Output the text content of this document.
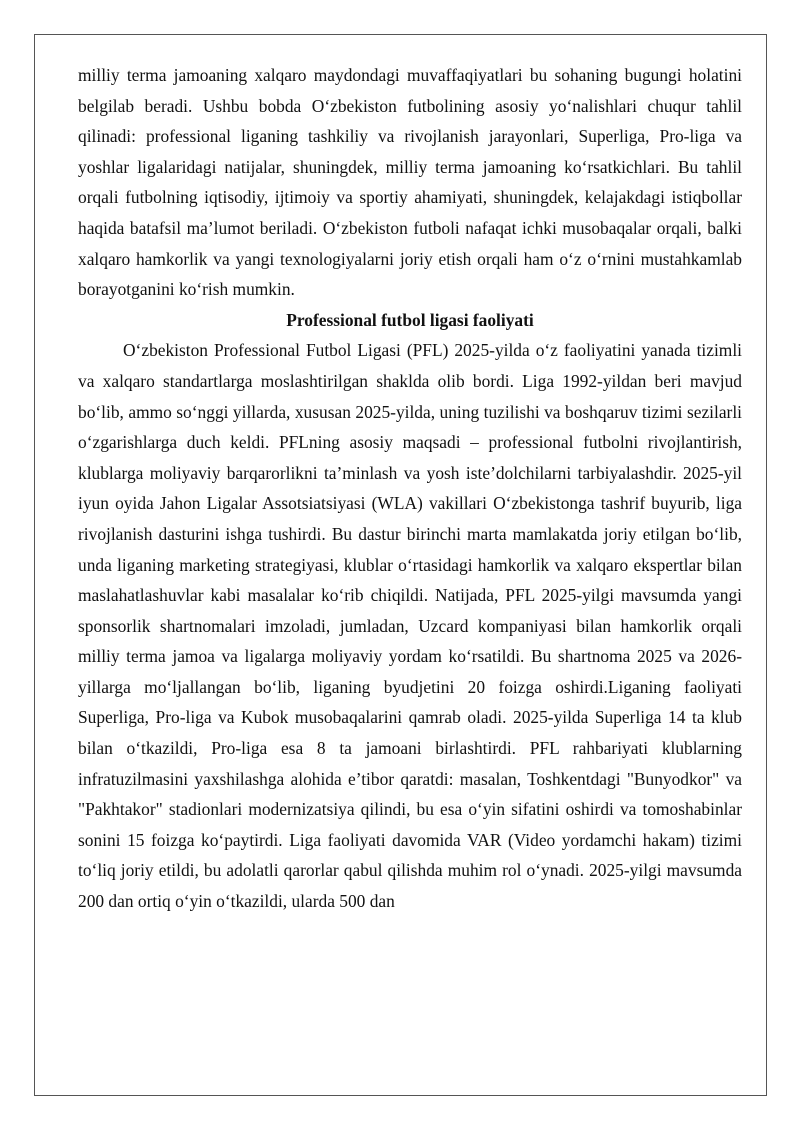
milliy terma jamoaning xalqaro maydondagi muvaffaqiyatlari bu sohaning bugungi holatini belgilab beradi. Ushbu bobda O‘zbekiston futbolining asosiy yo‘nalishlari chuqur tahlil qilinadi: professional liganing tashkiliy va rivojlanish jarayonlari, Superliga, Pro-liga va yoshlar ligalaridagi natijalar, shuningdek, milliy terma jamoaning ko‘rsatkichlari. Bu tahlil orqali futbolning iqtisodiy, ijtimoiy va sportiy ahamiyati, shuningdek, kelajakdagi istiqbollar haqida batafsil ma’lumot beriladi. O‘zbekiston futboli nafaqat ichki musobaqalar orqali, balki xalqaro hamkorlik va yangi texnologiyalarni joriy etish orqali ham o‘z o‘rnini mustahkamlab borayotganini ko‘rish mumkin.

Professional futbol ligasi faoliyati

O‘zbekiston Professional Futbol Ligasi (PFL) 2025-yilda o‘z faoliyatini yanada tizimli va xalqaro standartlarga moslashtirilgan shaklda olib bordi. Liga 1992-yildan beri mavjud bo‘lib, ammo so‘nggi yillarda, xususan 2025-yilda, uning tuzilishi va boshqaruv tizimi sezilarli o‘zgarishlarga duch keldi. PFLning asosiy maqsadi – professional futbolni rivojlantirish, klublarga moliyaviy barqarorlikni ta’minlash va yosh iste’dolchilarni tarbiyalashdir. 2025-yil iyun oyida Jahon Ligalar Assotsiatsiyasi (WLA) vakillari O‘zbekistonga tashrif buyurib, liga rivojlanish dasturini ishga tushirdi. Bu dastur birinchi marta mamlakatda joriy etilgan bo‘lib, unda liganing marketing strategiyasi, klublar o‘rtasidagi hamkorlik va xalqaro ekspertlar bilan maslahatlashuvlar kabi masalalar ko‘rib chiqildi. Natijada, PFL 2025-yilgi mavsumda yangi sponsorlik shartnomalari imzoladi, jumladan, Uzcard kompaniyasi bilan hamkorlik orqali milliy terma jamoa va ligalarga moliyaviy yordam ko‘rsatildi. Bu shartnoma 2025 va 2026-yillarga mo‘ljallangan bo‘lib, liganing byudjetini 20 foizga oshirdi.Liganing faoliyati Superliga, Pro-liga va Kubok musobaqalarini qamrab oladi. 2025-yilda Superliga 14 ta klub bilan o‘tkazildi, Pro-liga esa 8 ta jamoani birlashtirdi. PFL rahbariyati klublarning infratuzilmasini yaxshilashga alohida e’tibor qaratdi: masalan, Toshkentdagi "Bunyodkor" va "Pakhtakor" stadionlari modernizatsiya qilindi, bu esa o‘yin sifatini oshirdi va tomoshabinlar sonini 15 foizga ko‘paytirdi. Liga faoliyati davomida VAR (Video yordamchi hakam) tizimi to‘liq joriy etildi, bu adolatli qarorlar qabul qilishda muhim rol o‘ynadi. 2025-yilgi mavsumda 200 dan ortiq o‘yin o‘tkazildi, ularda 500 dan
